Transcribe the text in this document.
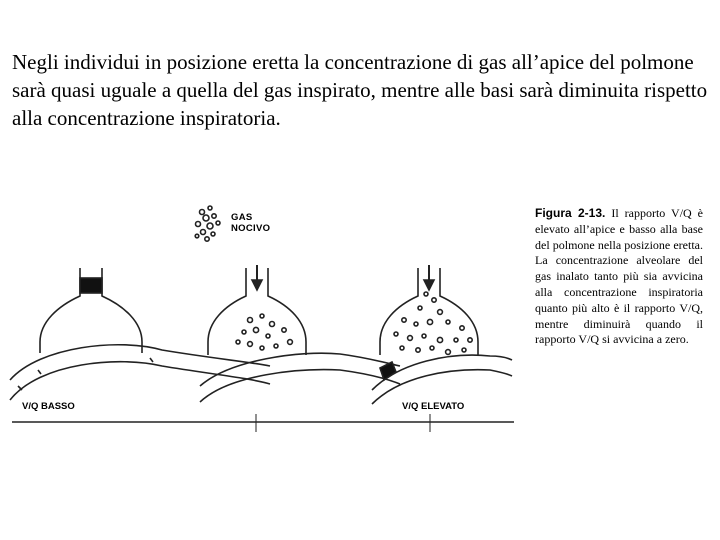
Negli individui in posizione eretta la concentrazione di gas all’apice del polmone sarà quasi uguale a quella del gas inspirato, mentre alle basi sarà diminuita rispetto alla concentrazione inspiratoria.

GAS
NOCIVO
V/Q BASSO	V/Q ELEVATO
Figura 2-13. Il rapporto V/Q è elevato all’apice e basso alla base del polmone nella posizione eretta. La concentrazione alveolare del gas inalato tanto più sia avvicina alla concentrazione inspiratoria quanto più alto è il rapporto V/Q, mentre diminuirà quando il rapporto V/Q si avvicina a zero.
